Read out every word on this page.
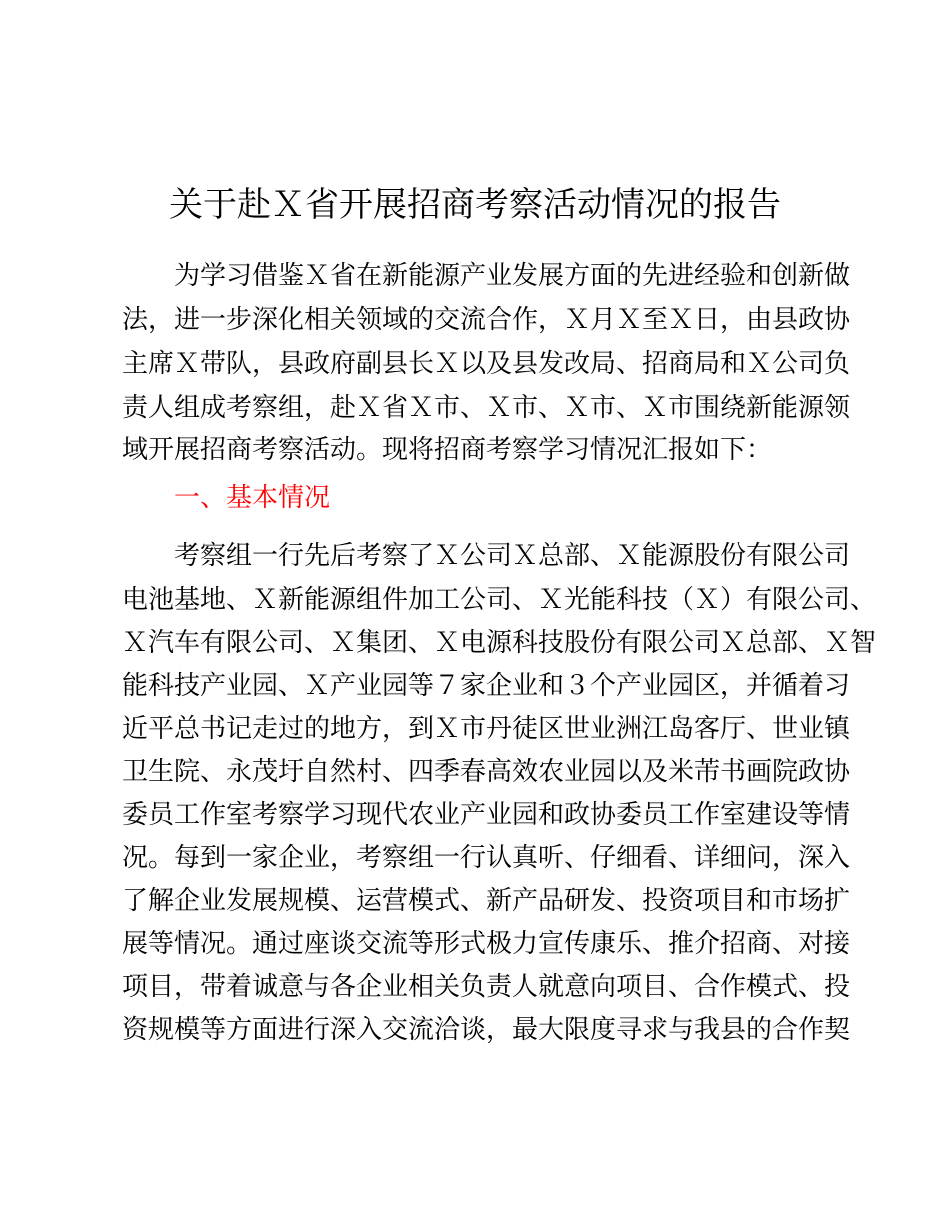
关于赴Ｘ省开展招商考察活动情况的报告
为学习借鉴Ｘ省在新能源产业发展方面的先进经验和创新做
法，进一步深化相关领域的交流合作，Ｘ月Ｘ至Ｘ日，由县政协
主席Ｘ带队，县政府副县长Ｘ以及县发改局、招商局和Ｘ公司负
责人组成考察组，赴Ｘ省Ｘ市、Ｘ市、Ｘ市、Ｘ市围绕新能源领
域开展招商考察活动。现将招商考察学习情况汇报如下：
一、基本情况
考察组一行先后考察了Ｘ公司Ｘ总部、Ｘ能源股份有限公司
电池基地、Ｘ新能源组件加工公司、Ｘ光能科技（Ｘ）有限公司、
Ｘ汽车有限公司、Ｘ集团、Ｘ电源科技股份有限公司Ｘ总部、Ｘ智
能科技产业园、Ｘ产业园等７家企业和３个产业园区，并循着习
近平总书记走过的地方，到Ｘ市丹徒区世业洲江岛客厅、世业镇
卫生院、永茂圩自然村、四季春高效农业园以及米芾书画院政协
委员工作室考察学习现代农业产业园和政协委员工作室建设等情
况。每到一家企业，考察组一行认真听、仔细看、详细问，深入
了解企业发展规模、运营模式、新产品研发、投资项目和市场扩
展等情况。通过座谈交流等形式极力宣传康乐、推介招商、对接
项目，带着诚意与各企业相关负责人就意向项目、合作模式、投
资规模等方面进行深入交流洽谈，最大限度寻求与我县的合作契
